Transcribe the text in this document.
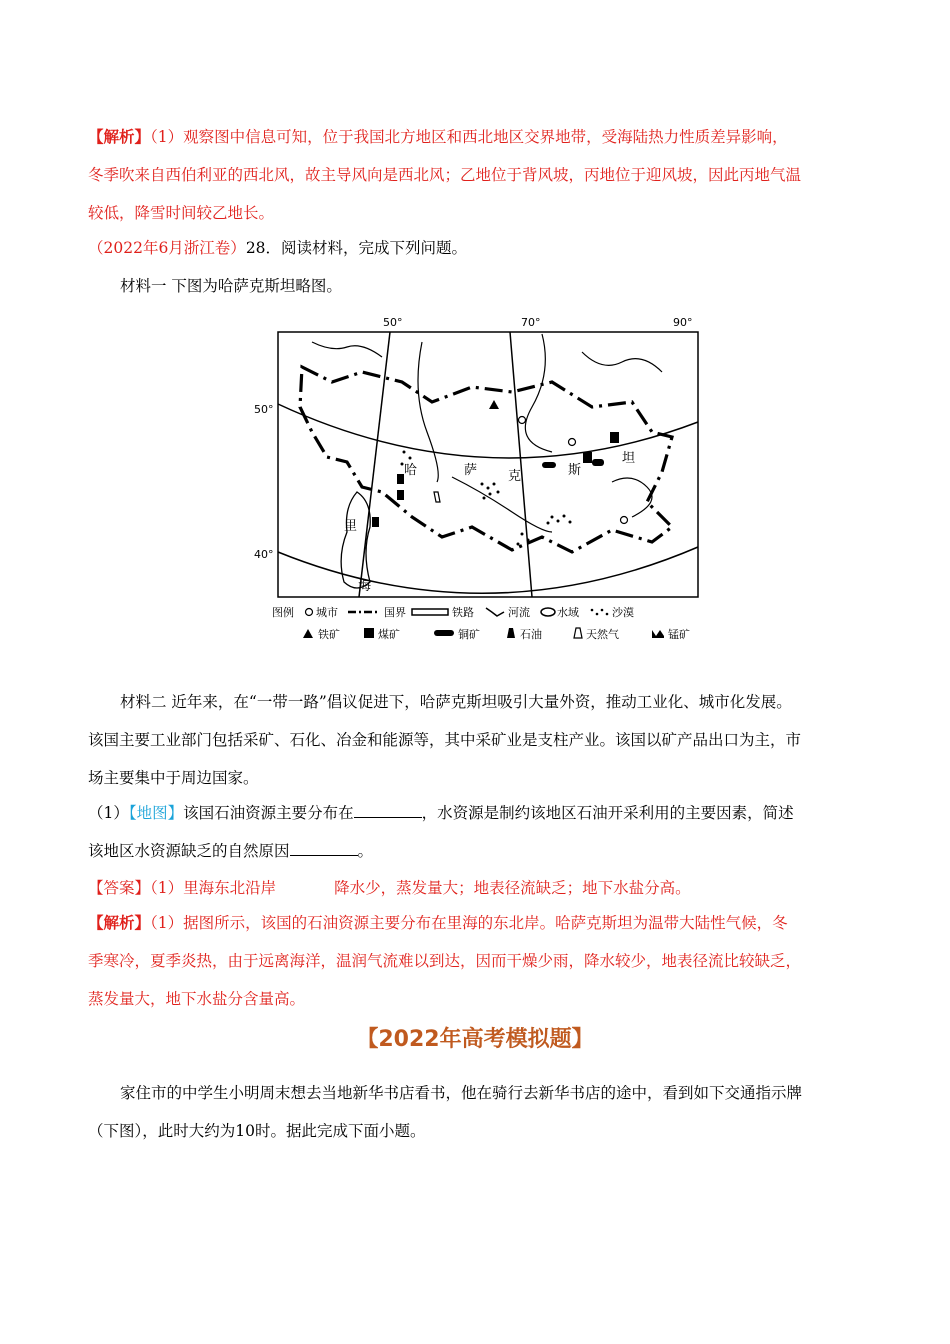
【解析】（1）观察图中信息可知，位于我国北方地区和西北地区交界地带，受海陆热力性质差异影响，
冬季吹来自西伯利亚的西北风，故主导风向是西北风；乙地位于背风坡，丙地位于迎风坡，因此丙地气温
较低，降雪时间较乙地长。
（2022年6月浙江卷）28．阅读材料，完成下列问题。
材料一 下图为哈萨克斯坦略图。
50°	70°	90°
50°
40°
哈	萨 克	斯
坦
里
海
图例 城市	国界	铁路	河流 水域	沙漠
铁矿	煤矿	铜矿	石油	天然气	锰矿
材料二 近年来，在“一带一路”倡议促进下，哈萨克斯坦吸引大量外资，推动工业化、城市化发展。
该国主要工业部门包括采矿、石化、冶金和能源等，其中采矿业是支柱产业。该国以矿产品出口为主，市
场主要集中于周边国家。
（1）【地图】该国石油资源主要分布在	，水资源是制约该地区石油开采利用的主要因素，简述
该地区水资源缺乏的自然原因	。
【答案】（1）里海东北沿岸	降水少，蒸发量大；地表径流缺乏；地下水盐分高。
【解析】（1）据图所示，该国的石油资源主要分布在里海的东北岸。哈萨克斯坦为温带大陆性气候，冬
季寒冷，夏季炎热，由于远离海洋，温润气流难以到达，因而干燥少雨，降水较少，地表径流比较缺乏，
蒸发量大，地下水盐分含量高。
【2022年高考模拟题】
家住市的中学生小明周末想去当地新华书店看书，他在骑行去新华书店的途中，看到如下交通指示牌
（下图），此时大约为10时。据此完成下面小题。
